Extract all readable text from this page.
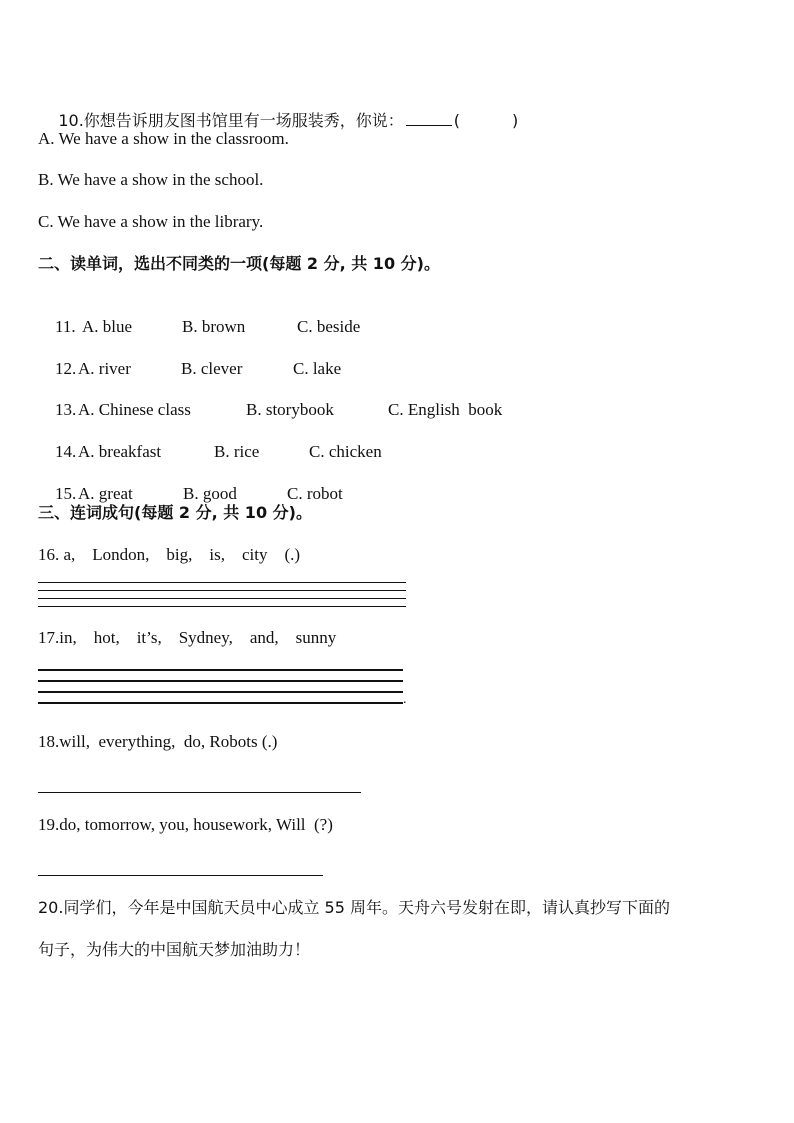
10.你想告诉朋友图书馆里有一场服装秀，你说：	(	)

A. We have a show in the classroom.
B. We have a show in the school.
C. We have a show in the library.
二、读单词，选出不同类的一项(每题 2 分, 共 10 分)。

11. A. blue	B. brown	C. beside

12. A. river	B. clever	C. lake

13. A. Chinese class	B. storybook	C. English  book

14. A. breakfast	B. rice	C. chicken

15. A. great	B. good	C. robot

三、连词成句(每题 2 分, 共 10 分)。
16. a,    London,    big,    is,    city    (.)
17.in,    hot,    it’s,    Sydney,    and,    sunny
.
18.will,  everything,  do, Robots (.)
19.do, tomorrow, you, housework, Will  (?)
20.同学们，今年是中国航天员中心成立 55 周年。天舟六号发射在即，请认真抄写下面的
句子，为伟大的中国航天梦加油助力！
